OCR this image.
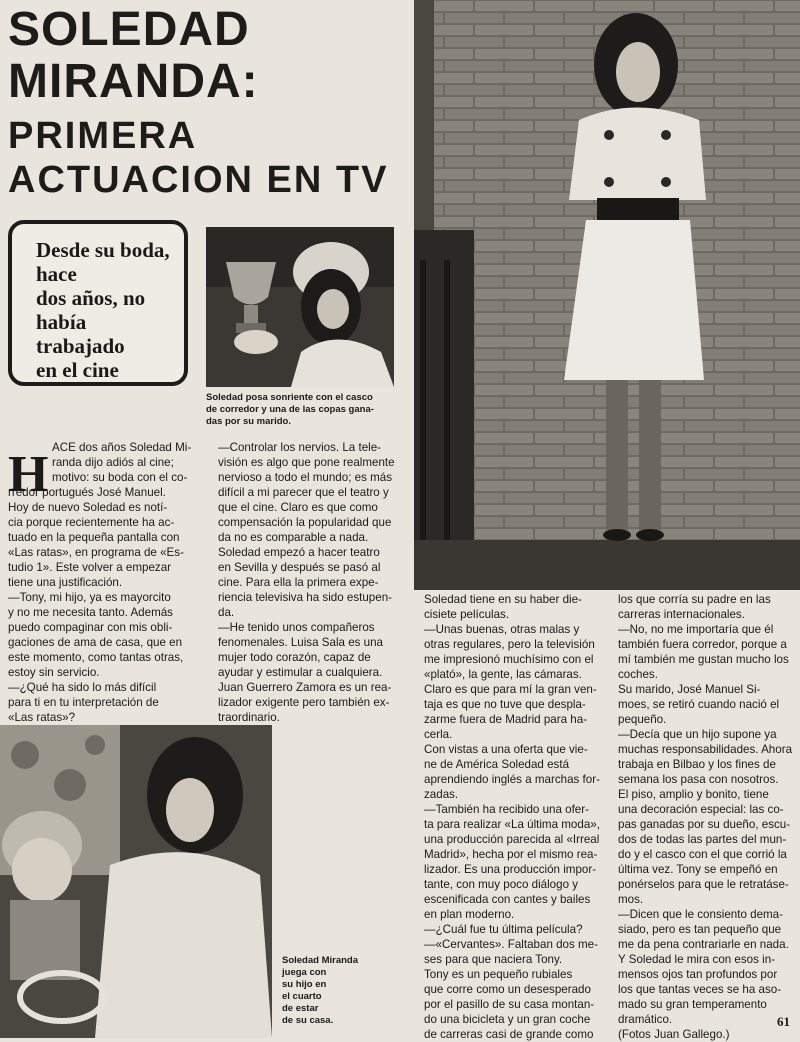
SOLEDAD
MIRANDA:
PRIMERA
ACTUACION EN TV
Desde su boda,
hace
dos años, no
había
trabajado
en el cine
Soledad posa sonriente con el casco
de corredor y una de las copas gana-
das por su marido.
Soledad Miranda
juega con
su hijo en
el cuarto
de estar
de su casa.
H ACE dos años Soledad Mi-

randa dijo adiós al cine;

motivo: su boda con el co-

rredor portugués José Manuel.

Hoy de nuevo Soledad es notí-

cia porque recientemente ha ac-

tuado en la pequeña pantalla con

«Las ratas», en programa de «Es-

tudio 1». Este volver a empezar

tiene una justificación.

—Tony, mi hijo, ya es mayorcito

y no me necesita tanto. Además

puedo compaginar con mis obli-

gaciones de ama de casa, que en

este momento, como tantas otras,

estoy sin servicio.

—¿Qué ha sido lo más difícil

para ti en tu interpretación de

«Las ratas»?

—Controlar los nervios. La tele-

visión es algo que pone realmente

nervioso a todo el mundo; es más

difícil a mi parecer que el teatro y

que el cine. Claro es que como

compensación la popularidad que

da no es comparable a nada.

Soledad empezó a hacer teatro

en Sevilla y después se pasó al

cine. Para ella la primera expe-

riencia televisiva ha sido estupen-

da.

—He tenido unos compañeros

fenomenales. Luisa Sala es una

mujer todo corazón, capaz de

ayudar y estimular a cualquiera.

Juan Guerrero Zamora es un rea-

lizador exigente pero también ex-

traordinario.

Soledad tiene en su haber die-

cisiete películas.

—Unas buenas, otras malas y

otras regulares, pero la televisión

me impresionó muchísimo con el

«plató», la gente, las cámaras.

Claro es que para mí la gran ven-

taja es que no tuve que despla-

zarme fuera de Madrid para ha-

cerla.

Con vistas a una oferta que vie-

ne de América Soledad está

aprendiendo inglés a marchas for-

zadas.

—También ha recibido una ofer-

ta para realizar «La última moda»,

una producción parecida al «Irreal

Madrid», hecha por el mismo rea-

lizador. Es una producción impor-

tante, con muy poco diálogo y

escenificada con cantes y bailes

en plan moderno.

—¿Cuál fue tu última película?

—«Cervantes». Faltaban dos me-

ses para que naciera Tony.

Tony es un pequeño rubiales

que corre como un desesperado

por el pasillo de su casa montan-

do una bicicleta y un gran coche

de carreras casi de grande como

los que corría su padre en las

carreras internacionales.

—No, no me importaría que él

también fuera corredor, porque a

mí también me gustan mucho los

coches.

Su marido, José Manuel Si-

moes, se retiró cuando nació el

pequeño.

—Decía que un hijo supone ya

muchas responsabilidades. Ahora

trabaja en Bilbao y los fines de

semana los pasa con nosotros.

El piso, amplio y bonito, tiene

una decoración especial: las co-

pas ganadas por su dueño, escu-

dos de todas las partes del mun-

do y el casco con el que corrió la

última vez. Tony se empeñó en

ponérselos para que le retratáse-

mos.

—Dicen que le consiento dema-

siado, pero es tan pequeño que

me da pena contrariarle en nada.

Y Soledad le mira con esos in-

mensos ojos tan profundos por

los que tantas veces se ha aso-

mado su gran temperamento

dramático.

(Fotos Juan Gallego.)

61
